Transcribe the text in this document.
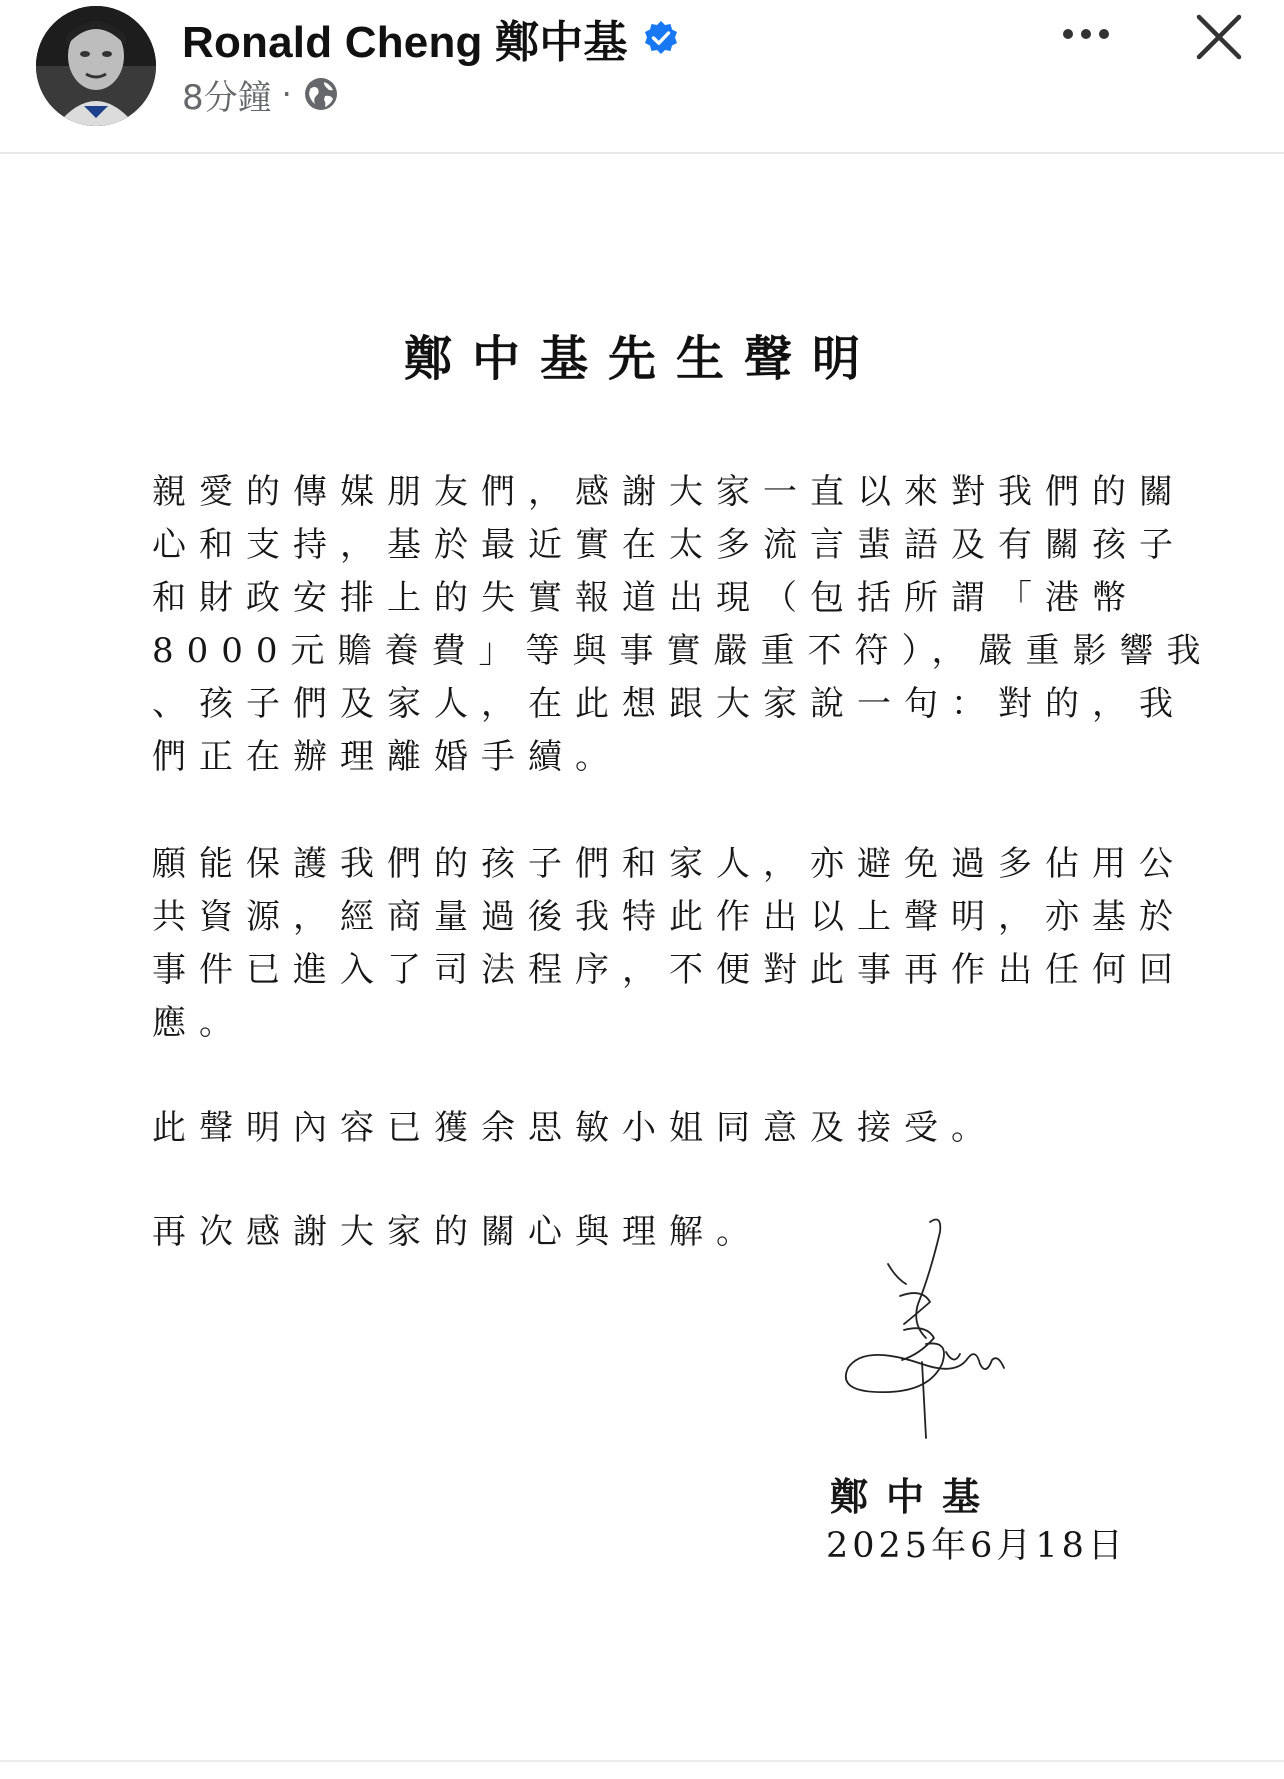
Ronald Cheng 鄭中基
8分鐘 ·
鄭中基先生聲明
親愛的傳媒朋友們，感謝大家一直以來對我們的關
心和支持，基於最近實在太多流言蜚語及有關孩子
和財政安排上的失實報道出現（包括所謂「港幣
8000元贍養費」等與事實嚴重不符），嚴重影響我
、孩子們及家人，在此想跟大家說一句：對的，我
們正在辦理離婚手續。
願能保護我們的孩子們和家人，亦避免過多佔用公
共資源，經商量過後我特此作出以上聲明，亦基於
事件已進入了司法程序，不便對此事再作出任何回
應。
此聲明內容已獲余思敏小姐同意及接受。
再次感謝大家的關心與理解。
鄭中基
2025年6月18日
